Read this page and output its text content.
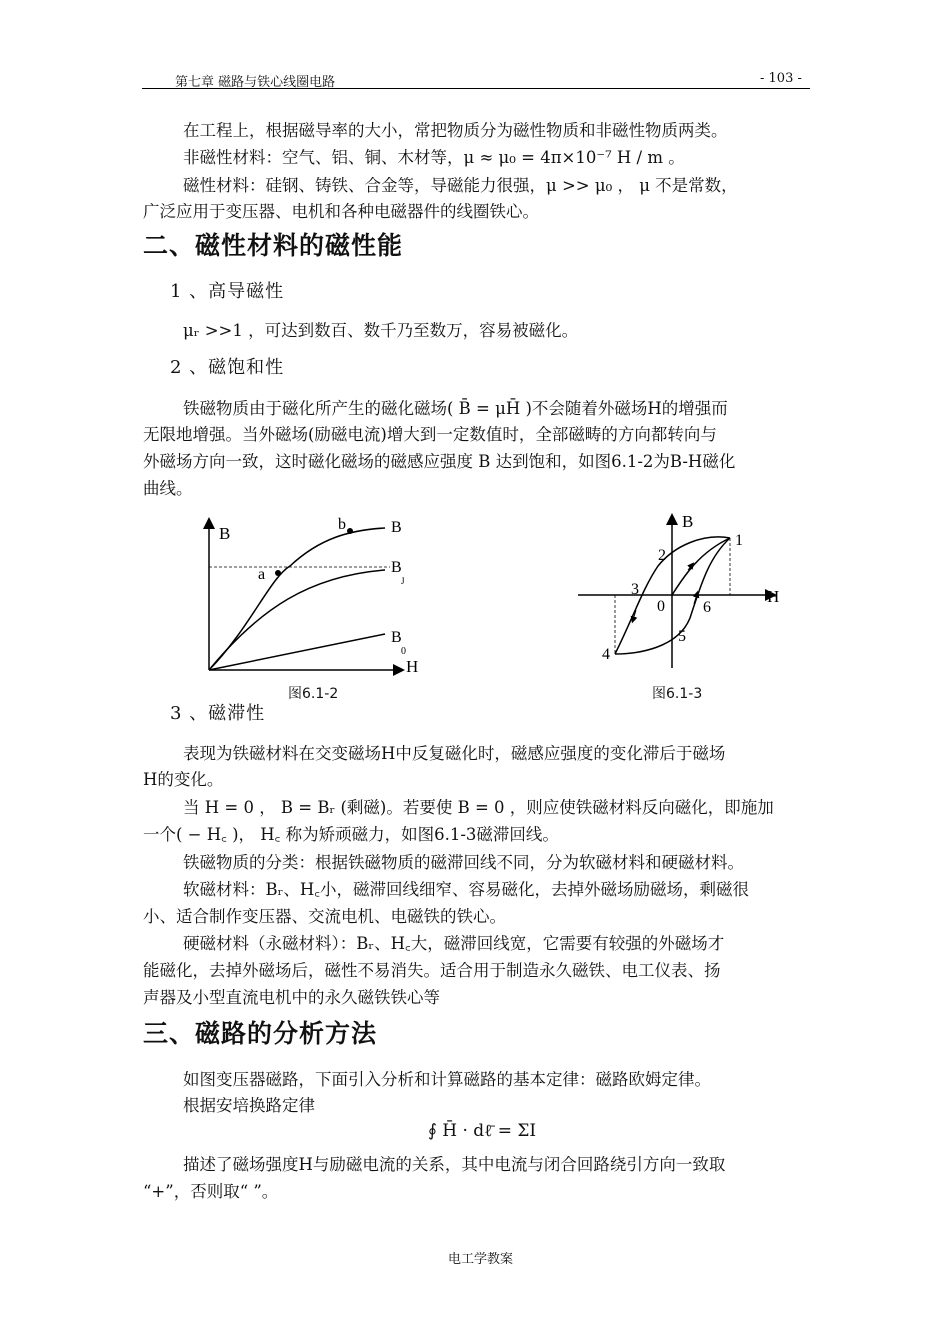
第七章 磁路与铁心线圈电路	- 103 -
在工程上，根据磁导率的大小，常把物质分为磁性物质和非磁性物质两类。
非磁性材料：空气、铝、铜、木材等，μ ≈ μ₀ = 4π×10⁻⁷ H / m 。
磁性材料：硅钢、铸铁、合金等，导磁能力很强，μ >> μ₀ ， μ 不是常数，
广泛应用于变压器、电机和各种电磁器件的线圈铁心。
二、磁性材料的磁性能
1 、高导磁性
μᵣ >>1 ，可达到数百、数千乃至数万，容易被磁化。
2 、磁饱和性
铁磁物质由于磁化所产生的磁化磁场( B̄ = μH̄ )不会随着外磁场H的增强而
无限地增强。当外磁场(励磁电流)增大到一定数值时，全部磁畴的方向都转向与
外磁场方向一致，这时磁化磁场的磁感应强度 B 达到饱和，如图6.1-2为B-H磁化
曲线。
B
H
a
b	B
B
J
B
0
图6.1-2
B
H
1
2
3
0 6
5
4
图6.1-3
3 、磁滞性
表现为铁磁材料在交变磁场H中反复磁化时，磁感应强度的变化滞后于磁场
H的变化。
当 H = 0 ， B = Bᵣ (剩磁)。若要使 B = 0 ，则应使铁磁材料反向磁化，即施加
一个( − H꜀ )， H꜀ 称为矫顽磁力，如图6.1-3磁滞回线。
铁磁物质的分类：根据铁磁物质的磁滞回线不同，分为软磁材料和硬磁材料。
软磁材料：Bᵣ、H꜀小，磁滞回线细窄、容易磁化，去掉外磁场励磁场，剩磁很
小、适合制作变压器、交流电机、电磁铁的铁心。
硬磁材料（永磁材料）：Bᵣ、H꜀大，磁滞回线宽，它需要有较强的外磁场才
能磁化，去掉外磁场后，磁性不易消失。适合用于制造永久磁铁、电工仪表、扬
声器及小型直流电机中的永久磁铁铁心等
三、磁路的分析方法
如图变压器磁路，下面引入分析和计算磁路的基本定律：磁路欧姆定律。
根据安培换路定律
∮ H̄ · dℓ̄ = ΣI
描述了磁场强度H与励磁电流的关系，其中电流与闭合回路绕引方向一致取
“+”，否则取“ ”。
电工学教案
